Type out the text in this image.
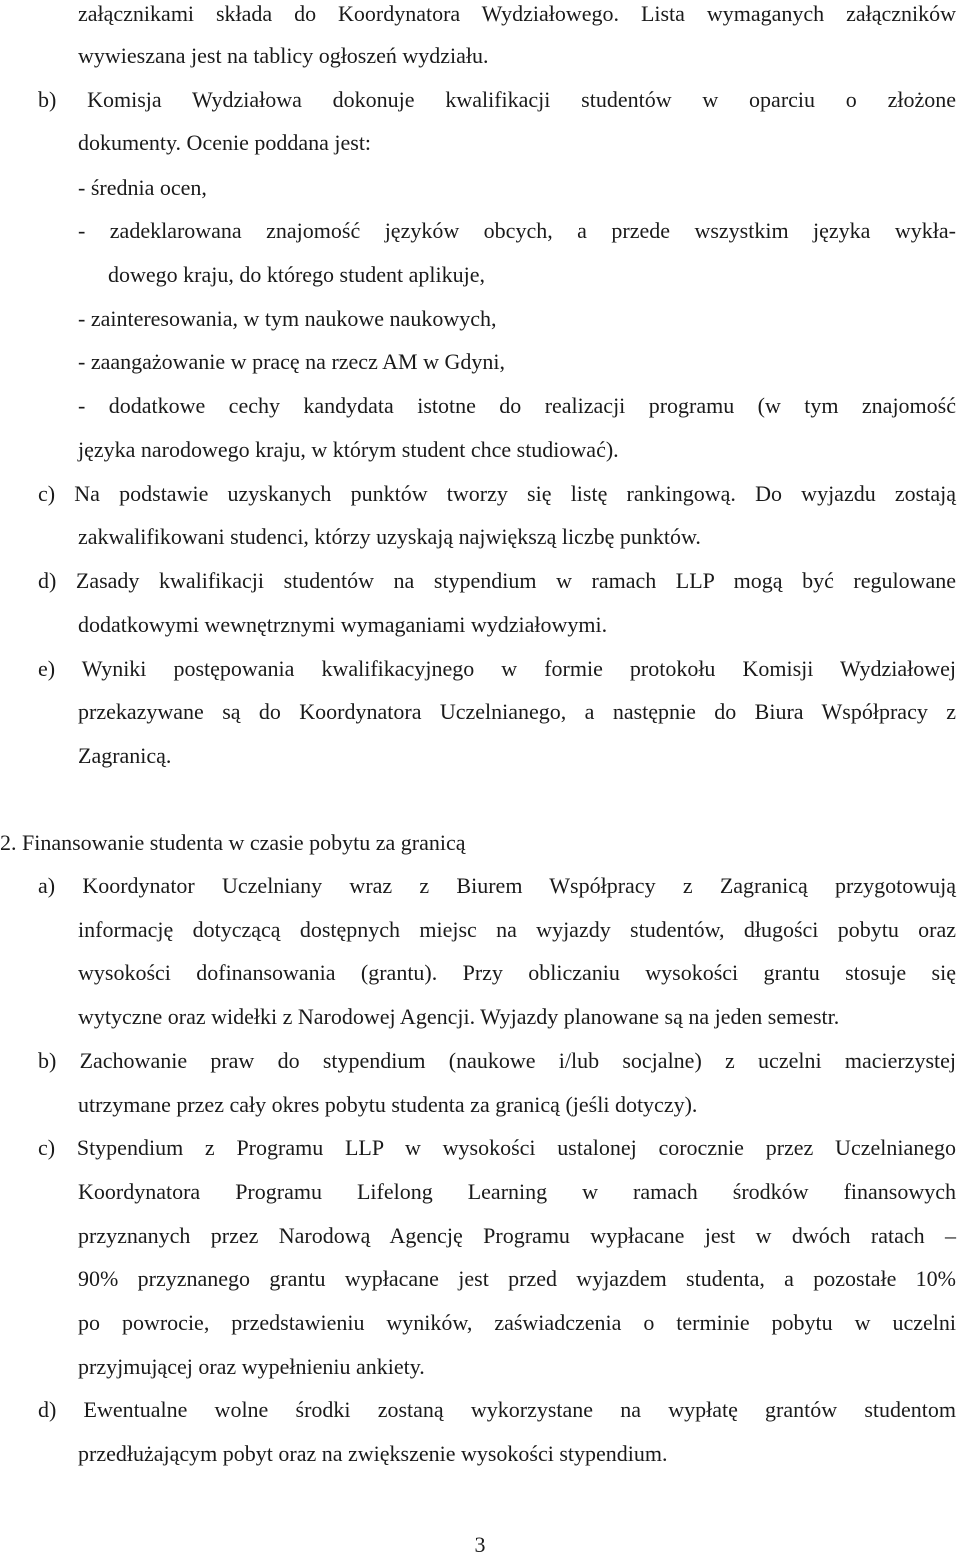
załącznikami składa do Koordynatora Wydziałowego. Lista wymaganych załączników
wywieszana jest na tablicy ogłoszeń wydziału.
b) Komisja Wydziałowa dokonuje kwalifikacji studentów w oparciu o złożone
dokumenty. Ocenie poddana jest:
- średnia ocen,
- zadeklarowana znajomość języków obcych, a przede wszystkim języka wykła-
dowego kraju, do którego student aplikuje,
- zainteresowania, w tym naukowe naukowych,
- zaangażowanie w pracę na rzecz AM w Gdyni,
- dodatkowe cechy kandydata istotne do realizacji programu (w tym znajomość
języka narodowego kraju, w którym student chce studiować).
c) Na podstawie uzyskanych punktów tworzy się listę rankingową. Do wyjazdu zostają
zakwalifikowani studenci, którzy uzyskają największą liczbę punktów.
d) Zasady kwalifikacji studentów na stypendium w ramach LLP mogą być regulowane
dodatkowymi wewnętrznymi wymaganiami wydziałowymi.
e) Wyniki postępowania kwalifikacyjnego w formie protokołu Komisji Wydziałowej
przekazywane są do Koordynatora Uczelnianego, a następnie do Biura Współpracy z
Zagranicą.
2. Finansowanie studenta w czasie pobytu za granicą
a) Koordynator Uczelniany wraz z Biurem Współpracy z Zagranicą przygotowują
informację dotyczącą dostępnych miejsc na wyjazdy studentów, długości pobytu oraz
wysokości dofinansowania (grantu). Przy obliczaniu wysokości grantu stosuje się
wytyczne oraz widełki z Narodowej Agencji. Wyjazdy planowane są na jeden semestr.
b) Zachowanie praw do stypendium (naukowe i/lub socjalne) z uczelni macierzystej
utrzymane przez cały okres pobytu studenta za granicą (jeśli dotyczy).
c) Stypendium z Programu LLP w wysokości ustalonej corocznie przez Uczelnianego
Koordynatora Programu Lifelong Learning w ramach środków finansowych
przyznanych przez Narodową Agencję Programu wypłacane jest w dwóch ratach –
90% przyznanego grantu wypłacane jest przed wyjazdem studenta, a pozostałe 10%
po powrocie, przedstawieniu wyników, zaświadczenia o terminie pobytu w uczelni
przyjmującej oraz wypełnieniu ankiety.
d) Ewentualne wolne środki zostaną wykorzystane na wypłatę grantów studentom
przedłużającym pobyt oraz na zwiększenie wysokości stypendium.
3
